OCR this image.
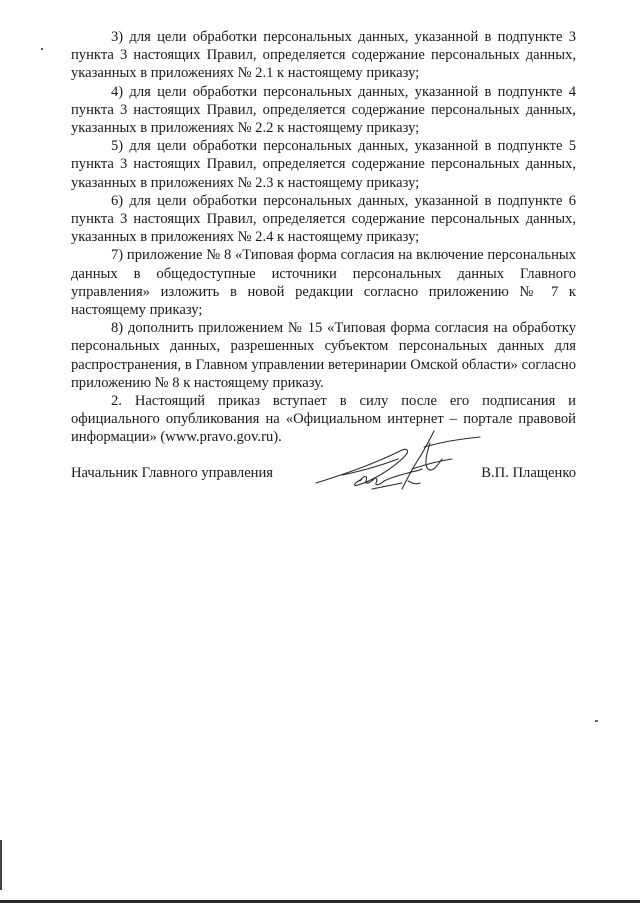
3) для цели обработки персональных данных, указанной в подпункте 3 пункта 3 настоящих Правил, определяется содержание персональных данных, указанных в приложениях № 2.1 к настоящему приказу;

4) для цели обработки персональных данных, указанной в подпункте 4 пункта 3 настоящих Правил, определяется содержание персональных данных, указанных в приложениях № 2.2 к настоящему приказу;

5) для цели обработки персональных данных, указанной в подпункте 5 пункта 3 настоящих Правил, определяется содержание персональных данных, указанных в приложениях № 2.3 к настоящему приказу;

6) для цели обработки персональных данных, указанной в подпункте 6 пункта 3 настоящих Правил, определяется содержание персональных данных, указанных в приложениях № 2.4 к настоящему приказу;

7) приложение № 8 «Типовая форма согласия на включение персональных данных в общедоступные источники персональных данных Главного управления» изложить в новой редакции согласно приложению № 7 к настоящему приказу;

8) дополнить приложением № 15 «Типовая форма согласия на обработку персональных данных, разрешенных субъектом персональных данных для распространения, в Главном управлении ветеринарии Омской области» согласно приложению № 8 к настоящему приказу.

2. Настоящий приказ вступает в силу после его подписания и официального опубликования на «Официальном интернет – портале правовой информации» (www.pravo.gov.ru).

Начальник Главного управления	В.П. Плащенко
